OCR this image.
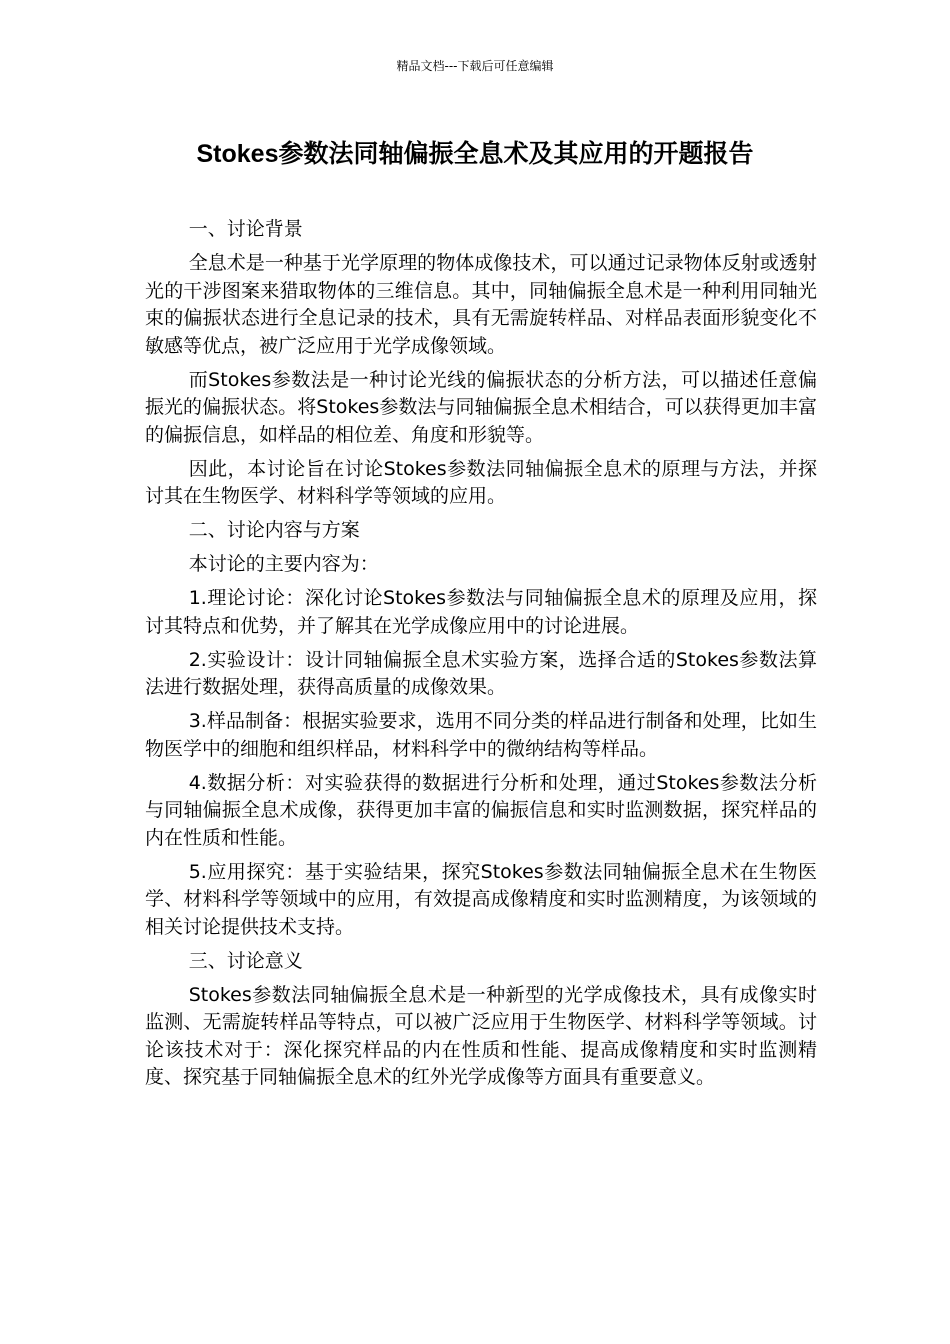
精品文档---下载后可任意编辑
Stokes参数法同轴偏振全息术及其应用的开题报告

一、讨论背景

全息术是一种基于光学原理的物体成像技术，可以通过记录物体反射或透射光的干涉图案来猎取物体的三维信息。其中，同轴偏振全息术是一种利用同轴光束的偏振状态进行全息记录的技术，具有无需旋转样品、对样品表面形貌变化不敏感等优点，被广泛应用于光学成像领域。

而Stokes参数法是一种讨论光线的偏振状态的分析方法，可以描述任意偏振光的偏振状态。将Stokes参数法与同轴偏振全息术相结合，可以获得更加丰富的偏振信息，如样品的相位差、角度和形貌等。

因此，本讨论旨在讨论Stokes参数法同轴偏振全息术的原理与方法，并探讨其在生物医学、材料科学等领域的应用。

二、讨论内容与方案

本讨论的主要内容为：

1.理论讨论：深化讨论Stokes参数法与同轴偏振全息术的原理及应用，探讨其特点和优势，并了解其在光学成像应用中的讨论进展。

2.实验设计：设计同轴偏振全息术实验方案，选择合适的Stokes参数法算法进行数据处理，获得高质量的成像效果。

3.样品制备：根据实验要求，选用不同分类的样品进行制备和处理，比如生物医学中的细胞和组织样品，材料科学中的微纳结构等样品。

4.数据分析：对实验获得的数据进行分析和处理，通过Stokes参数法分析与同轴偏振全息术成像，获得更加丰富的偏振信息和实时监测数据，探究样品的内在性质和性能。

5.应用探究：基于实验结果，探究Stokes参数法同轴偏振全息术在生物医学、材料科学等领域中的应用，有效提高成像精度和实时监测精度，为该领域的相关讨论提供技术支持。

三、讨论意义

Stokes参数法同轴偏振全息术是一种新型的光学成像技术，具有成像实时监测、无需旋转样品等特点，可以被广泛应用于生物医学、材料科学等领域。讨论该技术对于：深化探究样品的内在性质和性能、提高成像精度和实时监测精度、探究基于同轴偏振全息术的红外光学成像等方面具有重要意义。
